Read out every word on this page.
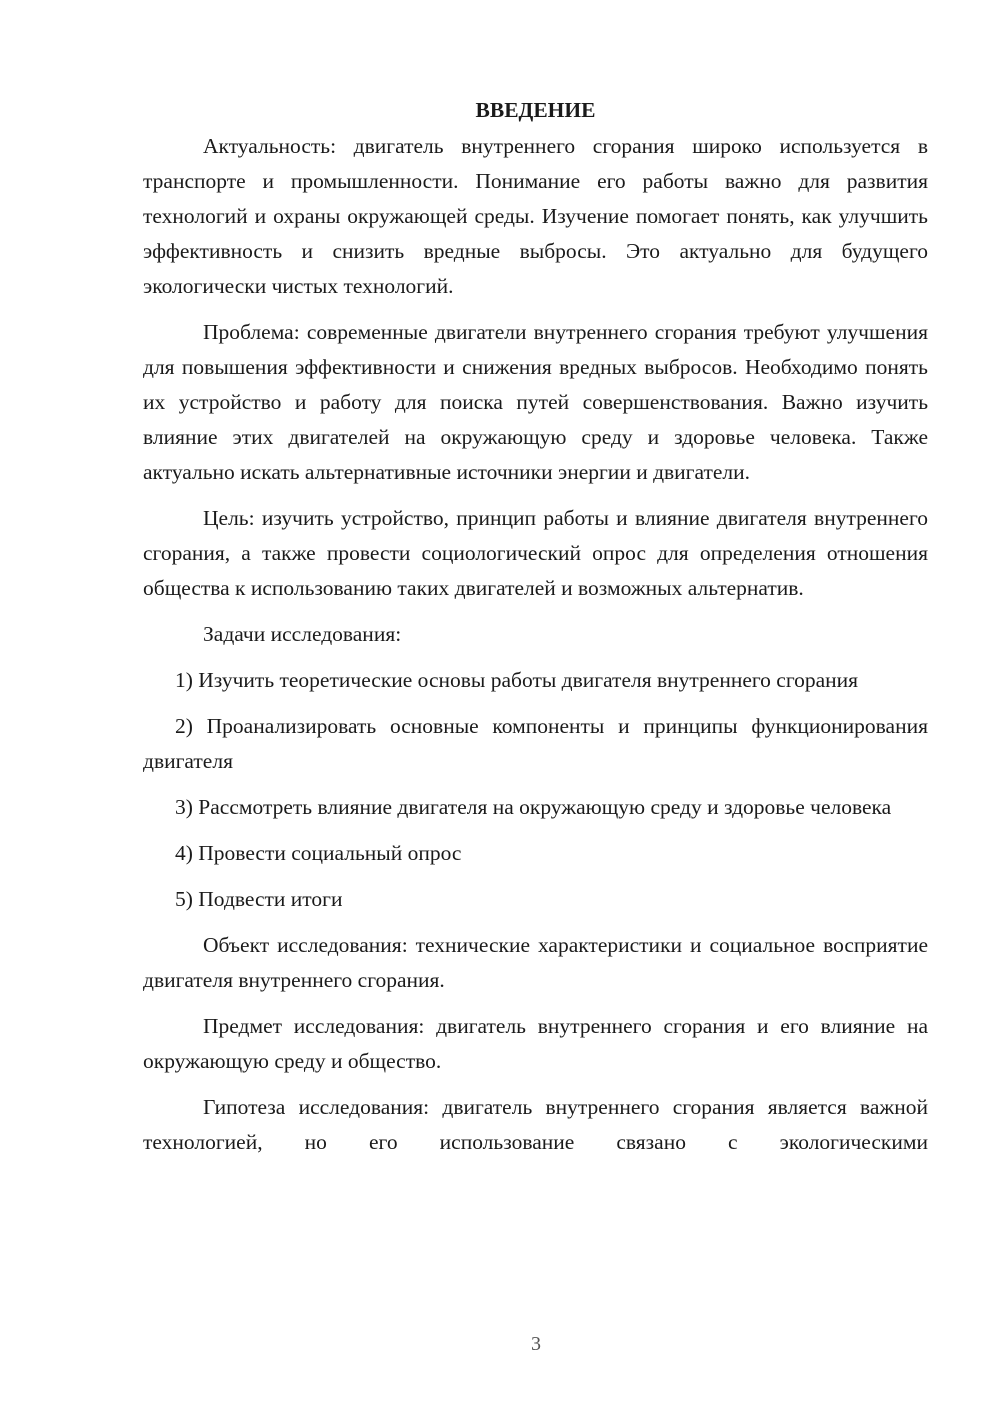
ВВЕДЕНИЕ

Актуальность: двигатель внутреннего сгорания широко используется в транспорте и промышленности. Понимание его работы важно для развития технологий и охраны окружающей среды. Изучение помогает понять, как улучшить эффективность и снизить вредные выбросы. Это актуально для будущего экологически чистых технологий.

Проблема: современные двигатели внутреннего сгорания требуют улучшения для повышения эффективности и снижения вредных выбросов. Необходимо понять их устройство и работу для поиска путей совершенствования. Важно изучить влияние этих двигателей на окружающую среду и здоровье человека. Также актуально искать альтернативные источники энергии и двигатели.

Цель: изучить устройство, принцип работы и влияние двигателя внутреннего сгорания, а также провести социологический опрос для определения отношения общества к использованию таких двигателей и возможных альтернатив.

Задачи исследования:

1) Изучить теоретические основы работы двигателя внутреннего сгорания

2) Проанализировать основные компоненты и принципы функционирования двигателя

3) Рассмотреть влияние двигателя на окружающую среду и здоровье человека

4) Провести социальный опрос

5) Подвести итоги

Объект исследования: технические характеристики и социальное восприятие двигателя внутреннего сгорания.

Предмет исследования: двигатель внутреннего сгорания и его влияние на окружающую среду и общество.

Гипотеза исследования: двигатель внутреннего сгорания является важной технологией, но его использование связано с экологическими

3
